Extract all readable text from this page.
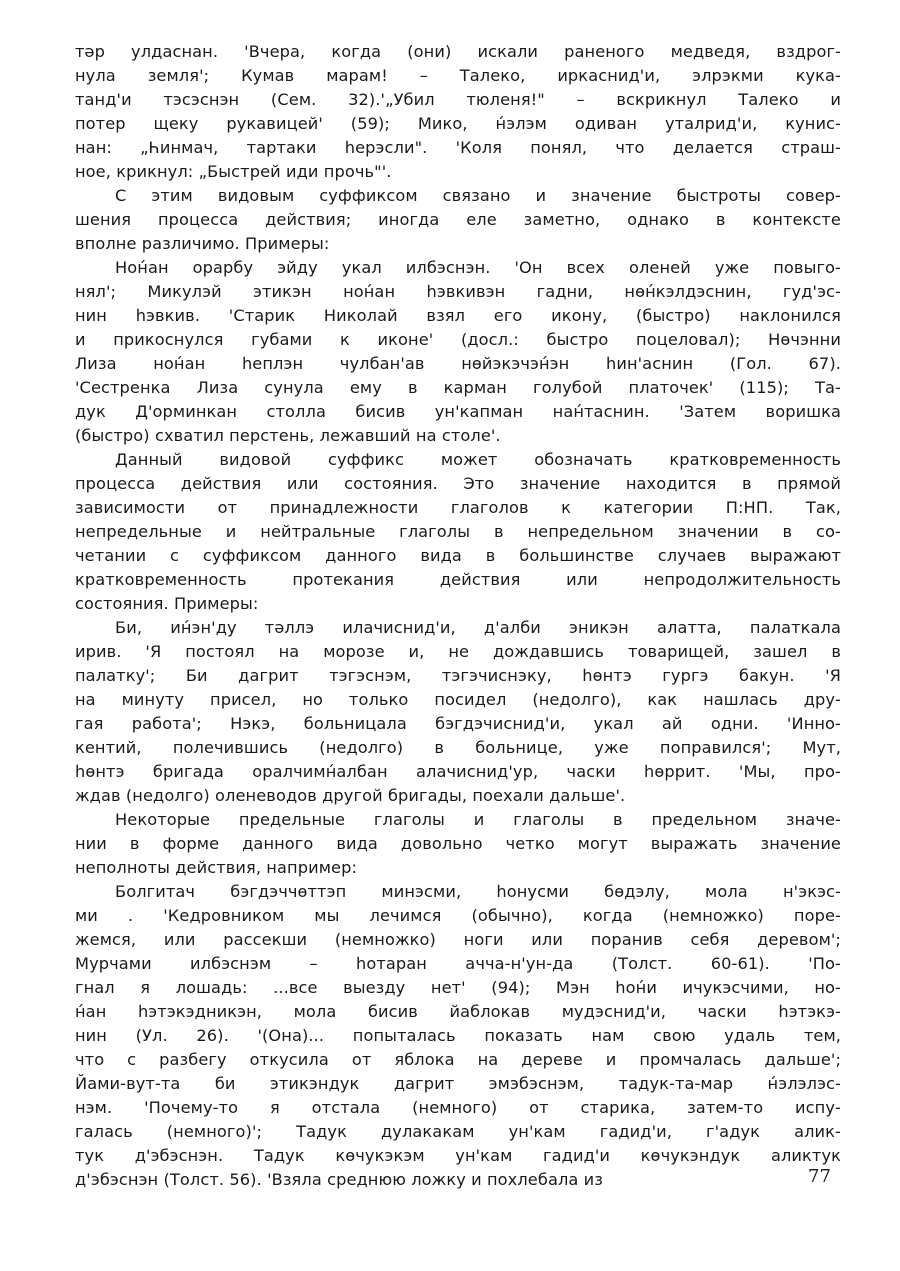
тәр улдаснан. 'Вчера, когда (они) искали раненого медведя, вздрог-
нула земля'; Кумав марам! – Талеко, иркаснид'и, элрэкми кука-
танд'и тэсэснэн (Сем. 32).'„Убил тюленя!" – вскрикнул Талеко и
потер щеку рукавицей' (59); Мико, н́элэм одиван уталрид'и, кунис-
нан: „Һинмач, тартаки һерэсли". 'Коля понял, что делается страш-
ное, крикнул: „Быстрей иди прочь"'.
С этим видовым суффиксом связано и значение быстроты совер-
шения процесса действия; иногда еле заметно, однако в контексте
вполне различимо. Примеры:
Нон́ан орарбу эйду укал илбэснэн. 'Он всех оленей уже повыго-
нял'; Микулэй этикэн нон́ан һэвкивэн гадни, нөн́кэлдэснин, гуд'эс-
нин һэвкив. 'Старик Николай взял его икону, (быстро) наклонился
и прикоснулся губами к иконе' (досл.: быстро поцеловал); Нөчэнни
Лиза нон́ан һеплэн чулбан'ав нөйэкэчэн́эн һин'аснин (Гол. 67).
'Сестренка Лиза сунула ему в карман голубой платочек' (115); Та-
дук Д'орминкан столла бисив ун'капман нан́таснин. 'Затем воришка
(быстро) схватил перстень, лежавший на столе'.
Данный видовой суффикс может обозначать кратковременность
процесса действия или состояния. Это значение находится в прямой
зависимости от принадлежности глаголов к категории П:НП. Так,
непредельные и нейтральные глаголы в непредельном значении в со-
четании с суффиксом данного вида в большинстве случаев выражают
кратковременность протекания действия или непродолжительность
состояния. Примеры:
Би, ин́эн'ду тәллэ илачиснид'и, д'алби эникэн алатта, палаткала
ирив. 'Я постоял на морозе и, не дождавшись товарищей, зашел в
палатку'; Би дагрит тэгэснэм, тэгэчиснэку, һөнтэ гургэ бакун. 'Я
на минуту присел, но только посидел (недолго), как нашлась дру-
гая работа'; Нэкэ, больницала бэгдэчиснид'и, укал ай одни. 'Инно-
кентий, полечившись (недолго) в больнице, уже поправился'; Мут,
һөнтэ бригада оралчимн́албан алачиснид'ур, часки һөррит. 'Мы, про-
ждав (недолго) оленеводов другой бригады, поехали дальше'.
Некоторые предельные глаголы и глаголы в предельном значе-
нии в форме данного вида довольно четко могут выражать значение
неполноты действия, например:
Болгитач бэгдэччөттэп минэсми, һонусми бөдэлу, мола н'экэс-
ми . 'Кедровником мы лечимся (обычно), когда (немножко) поре-
жемся, или рассекши (немножко) ноги или поранив себя деревом';
Мурчами илбэснэм – һотаран ачча-н'ун-да (Толст. 60-61). 'По-
гнал я лошадь: ...все выезду нет' (94); Мэн һон́и ичукэсчими, но-
н́ан һэтэкэдникэн, мола бисив йаблокав мудэснид'и, часки һэтэкэ-
нин (Ул. 26). '(Она)... попыталась показать нам свою удаль тем,
что с разбегу откусила от яблока на дереве и промчалась дальше';
Йами-вут-та би этикэндук дагрит эмэбэснэм, тадук-та-мар н́элэлэс-
нэм. 'Почему-то я отстала (немного) от старика, затем-то испу-
галась (немного)'; Тадук дулакакам ун'кам гадид'и, г'адук алик-
тук д'эбэснэн. Тадук көчукэкэм ун'кам гадид'и көчукэндук аликтук
д'эбэснэн (Толст. 56). 'Взяла среднюю ложку и похлебала из	77
